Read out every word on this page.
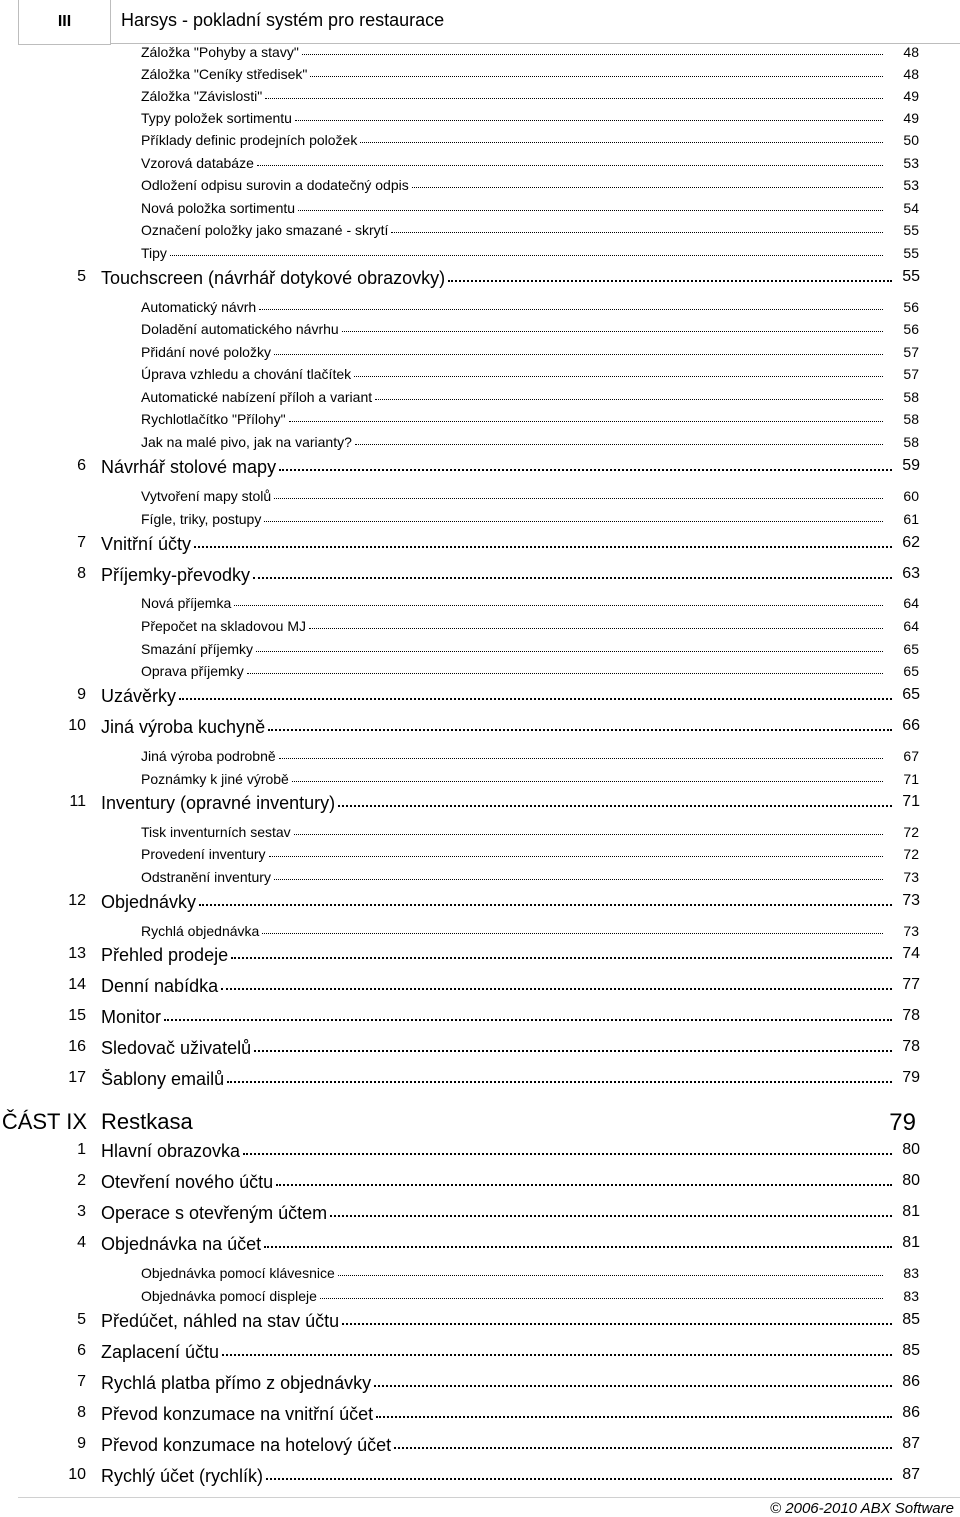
III	Harsys - pokladní systém pro restaurace
Záložka "Pohyby a stavy"	48
Záložka "Ceníky středisek"	48
Záložka "Závislosti"	49
Typy položek sortimentu	49
Příklady definic prodejních položek	50
Vzorová databáze	53
Odložení odpisu surovin a dodatečný odpis	53
Nová položka sortimentu	54
Označení položky jako smazané - skrytí	55
Tipy	55
5 Touchscreen (návrhář dotykové obrazovky)	55
Automatický návrh	56
Doladění automatického návrhu	56
Přidání nové položky	57
Úprava vzhledu a chování tlačítek	57
Automatické nabízení příloh a variant	58
Rychlotlačítko "Přílohy"	58
Jak na malé pivo, jak na varianty?	58
6 Návrhář stolové mapy	59
Vytvoření mapy stolů	60
Fígle, triky, postupy	61
7 Vnitřní účty	62
8 Příjemky-převodky	63
Nová příjemka	64
Přepočet na skladovou MJ	64
Smazání příjemky	65
Oprava příjemky	65
9 Uzávěrky	65
10 Jiná výroba kuchyně	66
Jiná výroba podrobně	67
Poznámky k jiné výrobě	71
11 Inventury (opravné inventury)	71
Tisk inventurních sestav	72
Provedení inventury	72
Odstranění inventury	73
12 Objednávky	73
Rychlá objednávka	73
13 Přehled prodeje	74
14 Denní nabídka	77
15 Monitor	78
16 Sledovač uživatelů	78
17 Šablony emailů	79
ČÁST IX Restkasa	79
1 Hlavní obrazovka	80
2 Otevření nového účtu	80
3 Operace s otevřeným účtem	81
4 Objednávka na účet	81
Objednávka pomocí klávesnice	83
Objednávka pomocí displeje	83
5 Předúčet, náhled na stav účtu	85
6 Zaplacení účtu	85
7 Rychlá platba přímo z objednávky	86
8 Převod konzumace na vnitřní účet	86
9 Převod konzumace na hotelový účet	87
10 Rychlý účet (rychlík)	87
© 2006-2010 ABX Software
